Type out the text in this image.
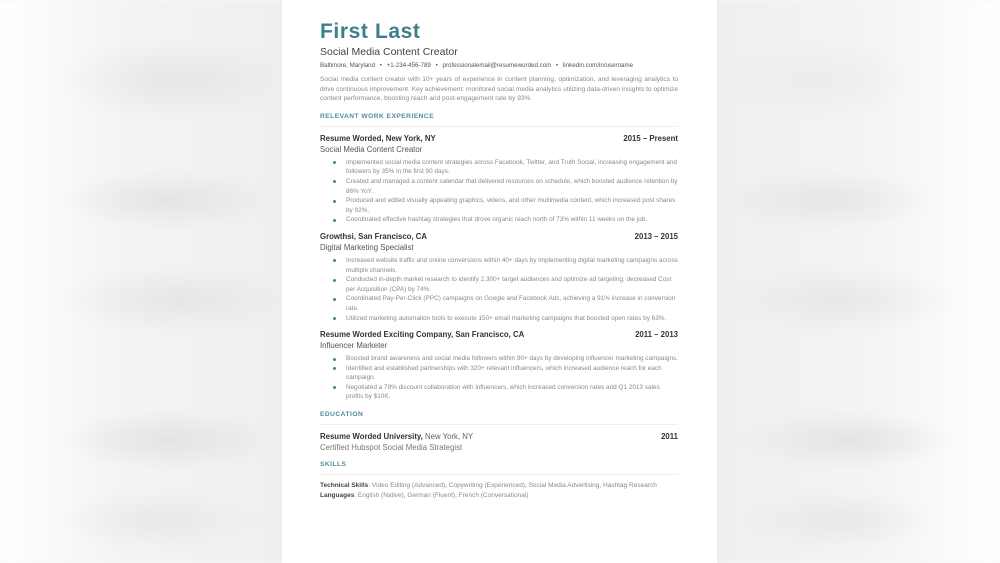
First Last
Social Media Content Creator
Baltimore, Maryland • +1-234-456-789 • professionalemail@resumeworded.com • linkedin.com/in/username
Social media content creator with 10+ years of experience in content planning, optimization, and leveraging analytics to drive continuous improvement. Key achievement: monitored social media analytics utilizing data-driven insights to optimize content performance, boosting reach and post-engagement rate by 93%.
RELEVANT WORK EXPERIENCE
Resume Worded, New York, NY	2015 – Present
Social Media Content Creator
Implemented social media content strategies across Facebook, Twitter, and Truth Social, increasing engagement and followers by 35% in the first 90 days.
Created and managed a content calendar that delivered resources on schedule, which boosted audience retention by 86% YoY.
Produced and edited visually appealing graphics, videos, and other multimedia content, which increased post shares by 92%.
Coordinated effective hashtag strategies that drove organic reach north of 73% within 11 weeks on the job.
Growthsi, San Francisco, CA	2013 – 2015
Digital Marketing Specialist
Increased website traffic and online conversions within 40+ days by implementing digital marketing campaigns across multiple channels.
Conducted in-depth market research to identify 2,300+ target audiences and optimize ad targeting; decreased Cost per Acquisition (CPA) by 74%.
Coordinated Pay-Per-Click (PPC) campaigns on Google and Facebook Ads, achieving a 91% increase in conversion rate.
Utilized marketing automation tools to execute 150+ email marketing campaigns that boosted open rates by 63%.
Resume Worded Exciting Company, San Francisco, CA	2011 – 2013
Influencer Marketer
Boosted brand awareness and social media followers within 90+ days by developing influencer marketing campaigns.
Identified and established partnerships with 320+ relevant influencers, which increased audience reach for each campaign.
Negotiated a 78% discount collaboration with influencers, which increased conversion rates and Q1 2013 sales profits by $10K.
EDUCATION
Resume Worded University, New York, NY	2011
Certified Hubspot Social Media Strategist
SKILLS
Technical Skills: Video Editing (Advanced), Copywriting (Experienced), Social Media Advertising, Hashtag Research
Languages: English (Native), German (Fluent), French (Conversational)
